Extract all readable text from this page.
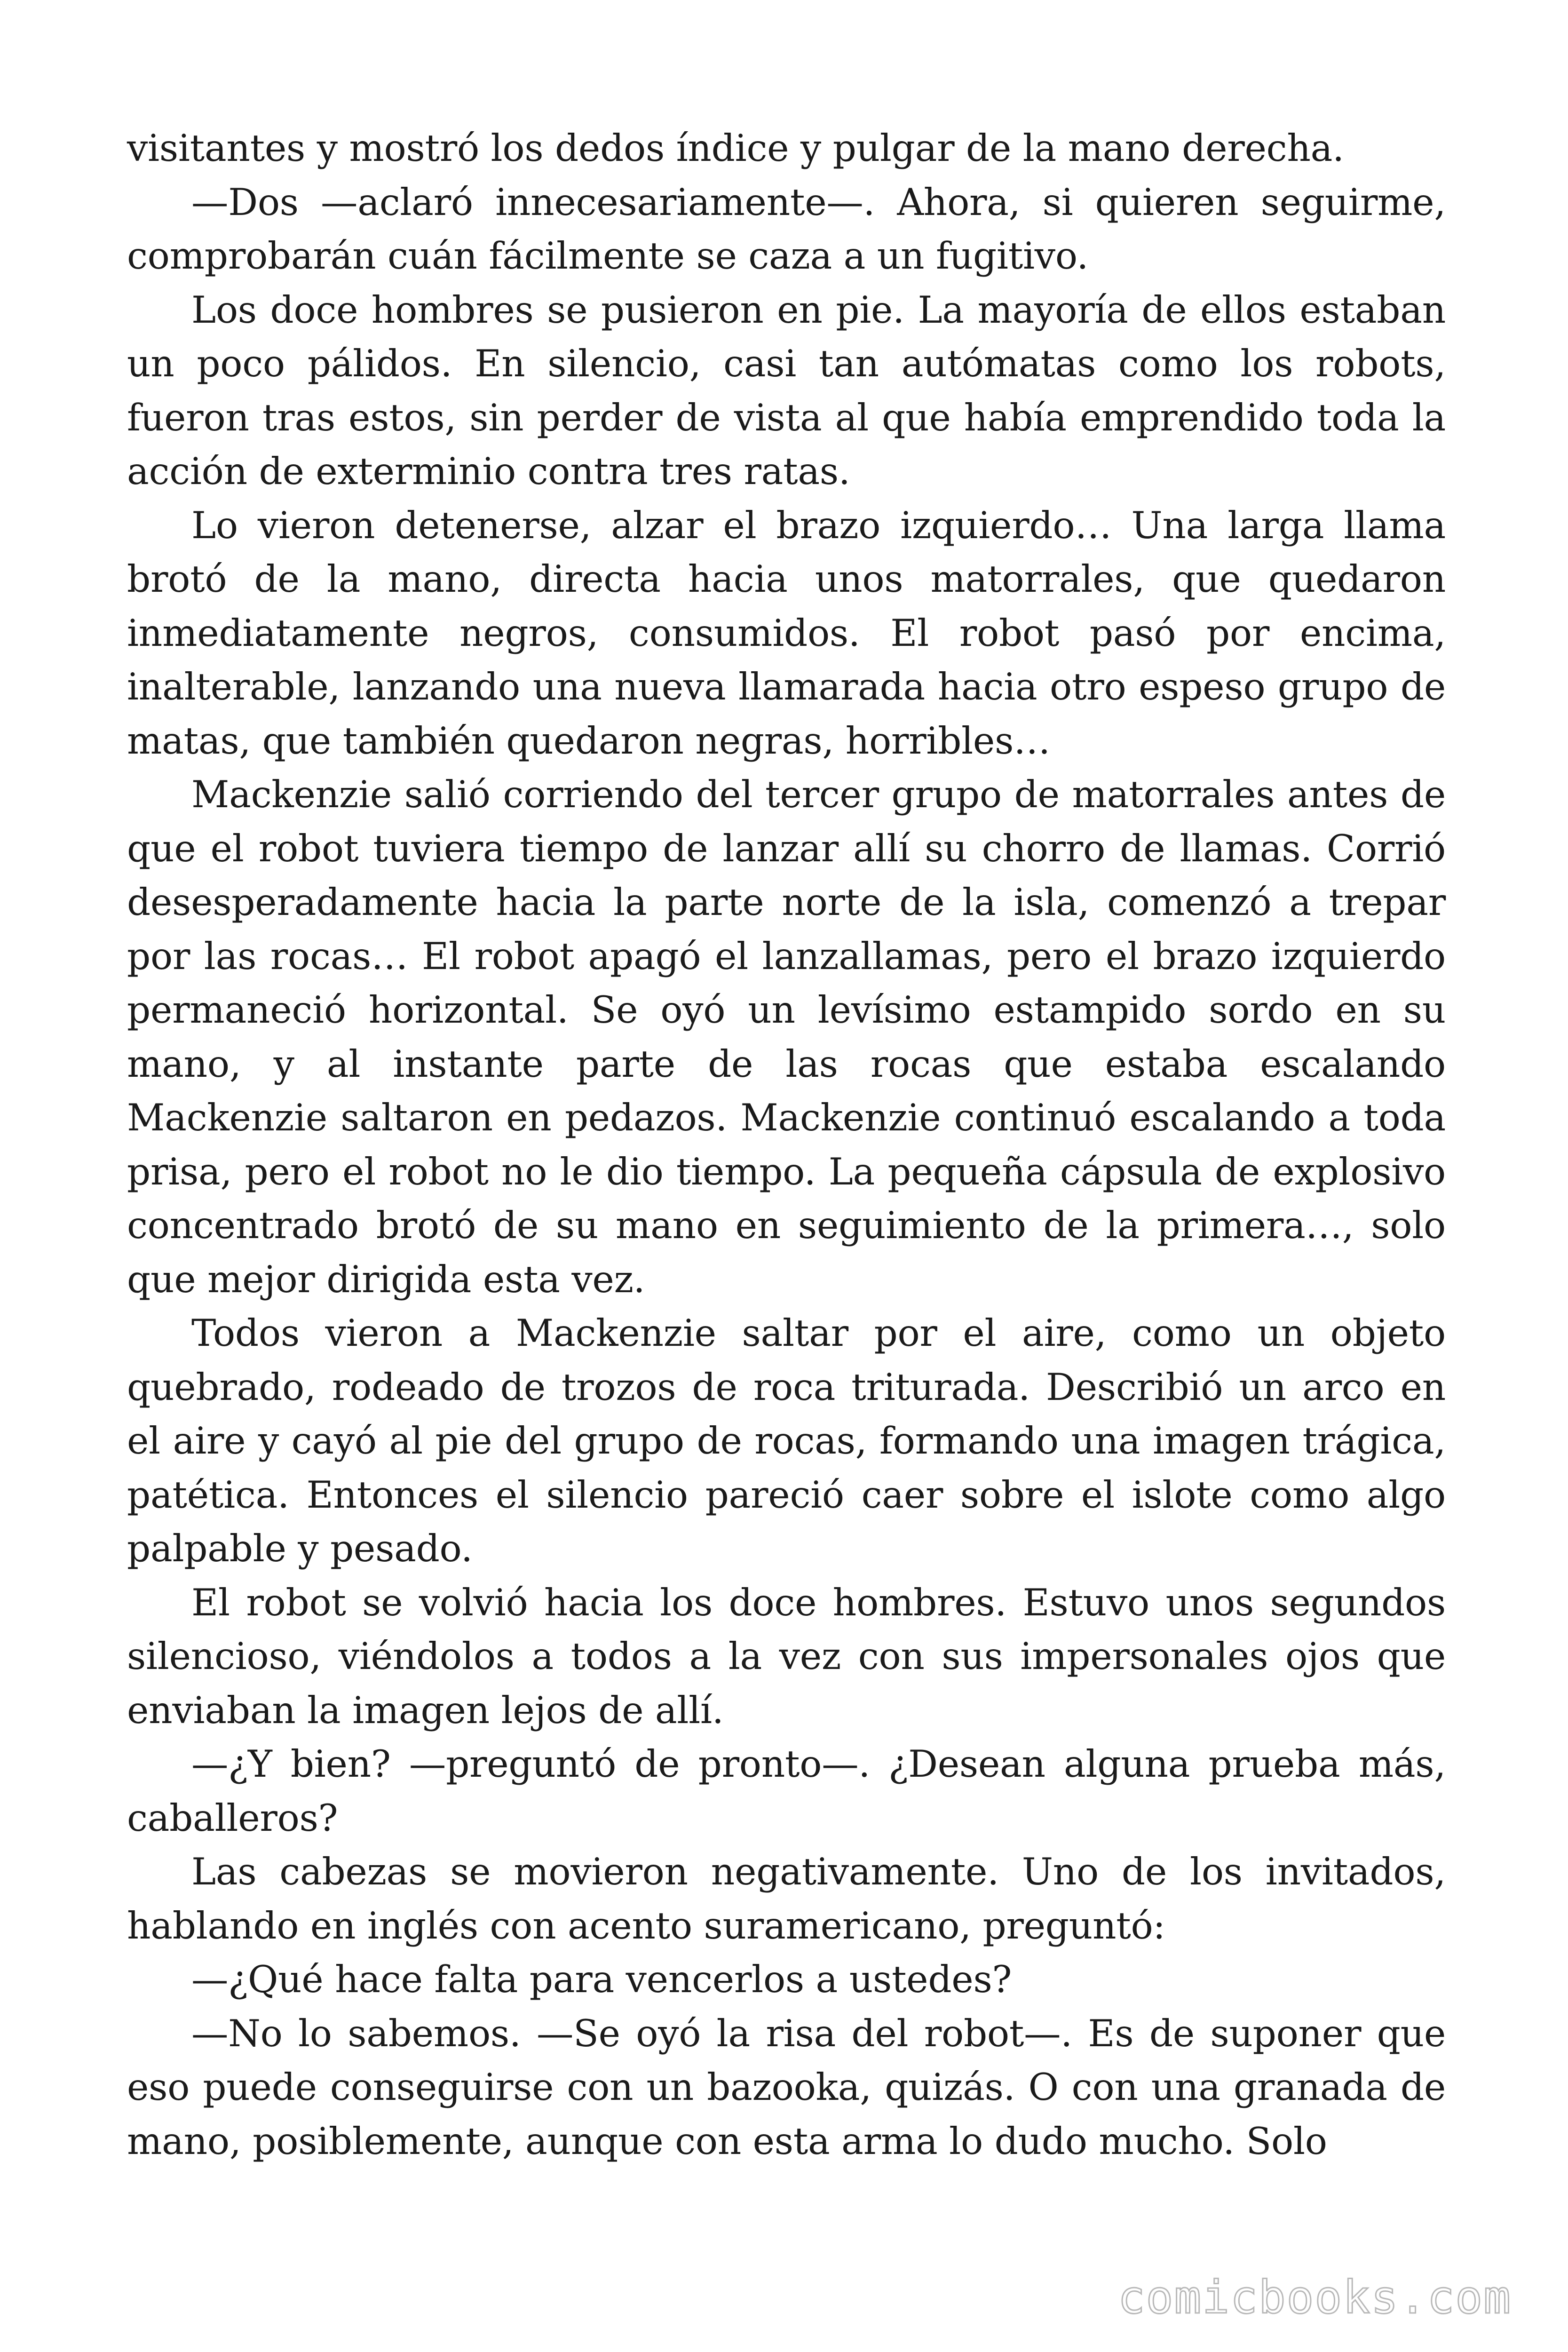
visitantes y mostró los dedos índice y pulgar de la mano derecha.

—Dos —aclaró innecesariamente—. Ahora, si quieren seguirme, comprobarán cuán fácilmente se caza a un fugitivo.

Los doce hombres se pusieron en pie. La mayoría de ellos estaban un poco pálidos. En silencio, casi tan autómatas como los robots, fueron tras estos, sin perder de vista al que había emprendido toda la acción de exterminio contra tres ratas.

Lo vieron detenerse, alzar el brazo izquierdo… Una larga llama brotó de la mano, directa hacia unos matorrales, que quedaron inmediatamente negros, consumidos. El robot pasó por encima, inalterable, lanzando una nueva llamarada hacia otro espeso grupo de matas, que también quedaron negras, horribles…

Mackenzie salió corriendo del tercer grupo de matorrales antes de que el robot tuviera tiempo de lanzar allí su chorro de llamas. Corrió desesperadamente hacia la parte norte de la isla, comenzó a trepar por las rocas… El robot apagó el lanzallamas, pero el brazo izquierdo permaneció horizontal. Se oyó un levísimo estampido sordo en su mano, y al instante parte de las rocas que estaba escalando Mackenzie saltaron en pedazos. Mackenzie continuó escalando a toda prisa, pero el robot no le dio tiempo. La pequeña cápsula de explosivo concentrado brotó de su mano en seguimiento de la primera…, solo que mejor dirigida esta vez.

Todos vieron a Mackenzie saltar por el aire, como un objeto quebrado, rodeado de trozos de roca triturada. Describió un arco en el aire y cayó al pie del grupo de rocas, formando una imagen trágica, patética. Entonces el silencio pareció caer sobre el islote como algo palpable y pesado.

El robot se volvió hacia los doce hombres. Estuvo unos segundos silencioso, viéndolos a todos a la vez con sus impersonales ojos que enviaban la imagen lejos de allí.

—¿Y bien? —preguntó de pronto—. ¿Desean alguna prueba más, caballeros?

Las cabezas se movieron negativamente. Uno de los invitados, hablando en inglés con acento suramericano, preguntó:

—¿Qué hace falta para vencerlos a ustedes?

—No lo sabemos. —Se oyó la risa del robot—. Es de suponer que eso puede conseguirse con un bazooka, quizás. O con una granada de mano, posiblemente, aunque con esta arma lo dudo mucho. Solo

comicbooks.com
